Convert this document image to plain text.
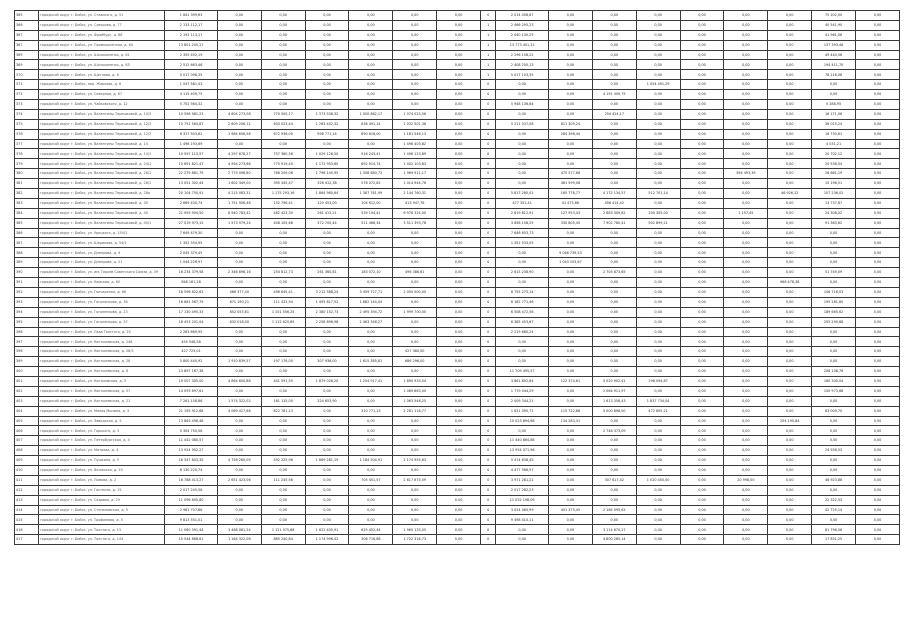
365	городской округ г. Бийск, ул. Ставского, д. 51	1 841 399,63	0,00	0,00	0,00	0,00	0,00	0,00	0	2 014 458,67	0,00	0,00	0,00	0,00	0,00	0,00	75 202,00	0,00
366	городской округ г. Бийск, ул. Суворова, д. 77	2 133 112,17	0,00	0,00	0,00	0,00	0,00	0,00	1	2 466 295,23	0,00	0,00	0,00	0,00	0,00	0,00	40 541,90	0,00
367	городской округ г. Бийск, ул. Фрайбург, д. 86	2 193 113,17	0,00	0,00	0,00	0,00	0,00	0,00	1	2 040 130,25	0,00	0,00	0,00	0,00	0,00	0,00	41 961,08	0,00
367	городской округ г. Бийск, ул. Промышленная, д. 64	13 801 205,17	0,00	0,00	0,00	0,00	0,00	0,00	1	13 773 401,31	0,00	0,00	0,00	0,00	0,00	0,00	137 393,46	0,00
369	городской округ г. Бийск, ул. Шолохоненко, д. 61	2 355 492,19	0,00	0,00	0,00	0,00	0,00	0,00	1	2 296 158,22	0,00	0,00	0,00	0,00	0,00	0,00	49 440,56	0,00
369	городской округ г. Бийск, ул. Шолохоненко, д. 63	2 512 663,46	0,00	0,00	0,00	0,00	0,00	0,00	1	2 408 250,13	0,00	0,00	0,00	0,00	0,00	0,00	194 411,70	0,00
370	городской округ г. Бийск, ул. Щеглова, д. 6	5 017 098,35	0,00	0,00	0,00	0,00	0,00	0,00	1	5 017 103,35	0,00	0,00	0,00	0,00	0,00	0,00	78 216,08	0,00
371	городской округ г. Бийск, пер. Жаркова, д. 6	1 047 581,43	0,00	0,00	0,00	0,00	0,00	0,00	0	0,00	0,00	0,00	1 054 491,29	0,00	0,00	0,00	0,00	0,00
372	городской округ г. Бийск, ул. Северная, д. 67	4 115 409,75	0,00	0,00	0,00	0,00	0,00	0,00	0	0,00	0,00	4 191 409,75	0,00	0,00	0,00	0,00	0,00	0,00
373	городской округ г. Бийск, ул. Чайковского, д. 12	5 752 564,32	0,00	0,00	0,00	0,00	0,00	0,00	0	5 948 136,64	0,00	0,00	0,00	0,00	0,00	0,00	5 288,95	0,00
374	городской округ г. Бийск, ул. Валентины Терешковой, д. 10/3	10 598 981,23	4 604 273,08	770 500,17	1 373 536,32	1 050 862,17	1 074 023,56	0,00	0	0,00	0,00	254 424,17	0,00	0,00	0,00	0,00	16 171,06	0,00
375	городской округ г. Бийск, ул. Валентины Терешковой, д. 12/3	10 751 564,87	2 609 206,11	633 023,44	1 263 442,32	836 491,14	1 032 501,36	0,00	0	5 211 037,08	811 309,24	0,00	0,00	0,00	0,00	0,00	36 015,24	0,00
376	городской округ г. Бийск, ул. Валентины Терешковой, д. 12/3	8 317 503,62	1 984 656,56	672 936,00	998 771,14	890 616,00	1 181 546,13	0,00	0	0,00	284 396,44	0,00	0,00	0,00	0,00	0,00	16 730,61	0,00
377	городской округ г. Бийск, ул. Валентины Терешковой, д. 14	1 496 193,69	0,00	0,00	0,00	0,00	1 496 403,82	0,00	0	0,00	0,00	0,00	0,00	0,00	0,00	0,00	4 031,21	0,00
378	городской округ г. Бийск, ул. Валентины Терешковой, д. 14/1	10 597 113,57	4 297 678,27	757 380,56	1 029 126,50	916 243,41	1 496 123,89	0,00	0	0,00	0,00	0,00	0,00	0,00	0,00	0,00	20 702,12	0,00
379	городской округ г. Бийск, ул. Валентины Терешковой, д. 24/1	10 691 821,47	4 954 273,66	775 919,40	1 172 953,60	692 914,74	1 402 103,83	0,00	0	0,00	0,00	0,00	0,00	0,00	0,00	0,00	20 536,04	0,00
380	городской округ г. Бийск, ул. Валентины Терешковой, д. 26/1	22 279 881,79	2 779 096,80	768 209,06	1 798 145,95	1 358 680,73	1 969 911,17	0,00	0	0,00	475 577,68	0,00	0,00	0,00	394 493,39	0,00	28 661,19	0,00
381	городской округ г. Бийск, ул. Валентины Терешковой, д. 28/1	13 051 302,44	1 602 349,00	395 345,47	326 412,38	578 072,82	1 014 944,76	0,00	0	0,00	461 599,08	0,00	0,00	0,00	0,00	0,00	15 196,51	0,00
382	городской округ г. Бийск, ул. Валентины Терешковой, д. 28а	20 104 750,91	4 215 083,31	1 175 293,16	1 864 980,64	1 387 761,99	2 144 760,31	0,00	0	5 817 280,01	165 778,77	4 172 134,57	512 701,14	0,00	0,00	46 926,12	107 236,02	0,00
383	городской округ г. Бийск, ул. Валентины Терешковой, д. 30	2 669 430,74	1 751 906,48	152 796,41	120 453,00	104 612,00	413 947,78	0,00	0	477 352,41	41 475,66	456 414,42	0,00	0,00	0,00	0,00	13 737,87	0,00
384	городской округ г. Бийск, ул. Валентины Терешковой, д. 40	21 959 904,50	6 940 783,42	482 423,30	261 413,21	539 194,41	6 976 324,00	0,00	0	2 619 812,91	127 953,43	2 883 309,82	200 305,00	0,00	1 157,45	0,00	24 308,02	0,00
385	городской округ г. Бийск, ул. Валентины Терешковой, д. 40/1	27 019 973,15	1 573 979,24	408 105,66	372 700,44	511 466,34	3 511 393,78	0,00	0	3 658 158,25	330 805,45	7 902 780,41	502 899,21	0,00	0,00	0,00	91 363,62	0,00
386	городской округ г. Бийск, ул. Урицкого, д. 154/1	7 649 479,30	0,00	0,00	0,00	0,00	0,00	0,00	0	7 646 653,73	0,00	0,00	0,00	0,00	0,00	0,00	0,00	0,00
387	городской округ г. Бийск, ул. Шарикова, д. 54/1	1 352 554,95	0,00	0,00	0,00	0,00	0,00	0,00	0	1 352 533,05	0,00	0,00	0,00	0,00	0,00	0,00	0,00	0,00
388	городской округ г. Бийск, ул. Днепрова, д. 4	2 045 379,45	0,00	0,00	0,00	0,00	0,00	0,00	0	0,00	9 046 739,53	0,00	0,00	0,00	0,00	0,00	0,00	0,00
389	городской округ г. Бийск, ул. Днепрова, д. 21	1 044 226,97	0,00	0,00	0,00	0,00	0,00	0,00	0	0,00	1 043 103,67	0,00	0,00	0,00	0,00	0,00	0,00	0,00
390	городской округ г. Бийск, ул. им. Героев Советского Союза, д. 39	16 234 379,58	2 346 896,16	254 812,73	261 360,81	183 072,10	496 386,61	0,00	0	2 615 238,90	0,00	2 705 873,65	0,00	0,00	0,00	0,00	51 749,09	0,00
391	городской округ г. Бийск, ул. Камская, д. 60	648 161,28	0,00	0,00	0,00	0,00	0,00	0,00	0	0,00	0,00	0,00	0,00	0,00	0,00	968 478,38	0,00	0,00
392	городской округ г. Бийск, ул. Гончаренко, д. 66	18 596 622,63	466 377,40	496 845,41	3 212 588,24	3 459 727,71	2 050 000,00	0,00	0	8 755 275,14	0,00	0,00	0,00	0,00	0,00	0,00	106 716,03	0,00
393	городской округ г. Бийск, ул. Гоголенкова, д. 36	16 681 567,79	871 190,21	111 433,94	1 495 817,52	1 882 144,04	0,00	0,00	0	6 162 771,46	0,00	0,00	0,00	0,00	0,00	0,00	195 281,60	0,00
394	городской округ г. Бийск, ул. Гоголенкова, д. 23	17 130 495,33	852 055,61	1 151 556,25	2 380 152,73	2 495 394,72	1 999 700,00	0,00	0	6 508 472,56	0,00	0,00	0,00	0,00	0,00	0,00	189 665,62	0,00
395	городской округ г. Бийск, ул. Гоголенкова, д. 37	18 453 201,04	632 018,00	1 115 625,69	2 258 896,98	2 463 346,27	0,00	0,00	0	6 385 453,67	0,00	0,00	0,00	0,00	0,00	0,00	205 290,88	0,00
396	городской округ г. Бийск, ул. Льва Толстого, д. 25	2 263 669,95	0,00	0,00	0,00	0,00	0,00	0,00	0	2 219 660,24	0,00	0,00	0,00	0,00	0,00	0,00	0,00	0,00
397	городской округ г. Бийск, ул. Кастылевская, д. 248	455 548,58	0,00	0,00	0,00	0,00	0,00	0,00	0	0,00	0,00	0,00	0,00	0,00	0,00	0,00	0,00	0,00
398	городской округ г. Бийск, ул. Кастылевская, д. 26/3	427 725,01	0,00	0,00	0,00	0,00	427 380,00	0,00	0	0,00	0,00	0,00	0,00	0,00	0,00	0,00	0,00	0,00
399	городской округ г. Бийск, ул. Кастылевская, д. 26	5 800 440,92	1 910 839,57	197 178,00	307 938,00	1 615 385,81	686 296,00	0,00	0	0,00	0,00	0,00	0,00	0,00	0,00	0,00	0,00	0,00
400	городской округ г. Бийск, ул. Кастылевская, д. 8	13 897 167,38	0,00	0,00	0,00	0,00	0,00	0,00	0	11 709 495,57	0,00	0,00	0,00	0,00	0,00	0,00	208 108,76	0,00
401	городской округ г. Бийск, ул. Костромская, д. 3	19 007 305,00	4 864 600,88	441 591,55	1 879 026,20	1 204 917,41	1 890 933,54	0,00	0	3 861 892,84	122 374,61	5 020 902,41	298 094,67	0,00	0,00	0,00	180 300,04	0,00
402	городской округ г. Бийск, ул. Кастылевская, д. 57	14 093 697,61	0,00	0,00	0,00	0,00	1 089 663,00	0,00	0	1 779 044,29	0,00	2 064 911,97	0,00	0,00	0,00	0,00	150 973,68	0,00
403	городской округ г. Бийск, ул. Кастылевская, д. 21	7 261 158,86	1 574 322,02	161 115,00	324 653,90	0,00	1 063 548,25	0,00	0	2 009 344,21	0,00	1 613 358,43	1 837 734,04	0,00	0,00	0,00	0,00	0,00
404	городской округ г. Бийск, ул. Малая Мызина, д. 3	21 195 912,68	4 069 417,66	622 781,13	0,00	310 771,13	2 281 118,77	0,00	0	1 631 090,71	115 722,66	5 000 898,00	472 805,21	0,00	0,00	0,00	83 009,70	0,00
405	городской округ г. Бийск, ул. Заводская, д. 5	13 863 498,48	0,00	0,00	0,00	0,00	0,00	0,00	0	10 023 894,68	134 283,41	0,00	0,00	0,00	0,00	254 195,84	0,00	0,00
406	городской округ г. Бийск, ул. Горького, д. 3	5 304 750,56	0,00	0,00	0,00	0,00	0,00	0,00	0	0,00	0,00	2 748 373,09	0,00	0,00	0,00	0,00	0,00	0,00
407	городской округ г. Бийск, ул. Петербургская, д. 4	11 442 080,57	0,00	0,00	0,00	0,00	0,00	0,00	0	11 440 864,88	0,00	0,00	0,00	0,00	0,00	0,00	0,00	0,00
408	городской округ г. Бийск, ул. Митрова, д. 4	13 924 952,27	0,00	0,00	0,00	0,00	0,00	0,00	0	13 954 071,96	0,00	0,00	0,00	0,00	0,00	0,00	24 558,53	0,00
409	городской округ г. Бийск, ул. Пушкина, д. 5	16 347 803,35	4 758 260,09	492 225,96	1 669 281,19	1 184 504,91	2 174 955,63	0,00	0	5 474 638,45	0,00	0,00	0,00	0,00	0,00	0,00	0,00	0,00
410	городской округ г. Бийск, ул. Волжская, д. 19	8 130 220,74	0,00	0,00	0,00	0,00	0,00	0,00	0	4 477 586,57	0,00	0,00	0,00	0,00	0,00	0,00	0,00	0,00
411	городской округ г. Бийск, ул. Ломова, д. 2	16 788 413,27	2 651 423,06	111 245,56	0,00	705 451,57	2 617 675,59	0,00	0	3 971 281,22	0,00	307 617,42	1 020 450,00	0,00	20 998,00	0,00	46 923,88	0,00
412	городской округ г. Бийск, ул. Гастелло, д. 15	2 017 245,58	0,00	0,00	0,00	0,00	0,00	0,00	0	2 017 282,23	0,00	0,00	0,00	0,00	0,00	0,00	0,00	0,00
413	городской округ г. Бийск, ул. Садовая, д. 25	11 096 605,80	0,00	0,00	0,00	0,00	0,00	0,00	0	11 032 198,09	0,00	0,00	0,00	0,00	0,00	0,00	22 322,53	0,00
414	городской округ г. Бийск, ул. Степановская, д. 5	2 961 707,86	0,00	0,00	0,00	0,00	0,00	0,00	0	3 024 065,99	401 375,45	2 164 095,62	0,00	0,00	0,00	0,00	42 725,14	0,00
415	городской округ г. Бийск, ул. Трофимова, д. 5	9 813 551,01	0,00	0,00	0,00	0,00	0,00	0,00	0	9 498 410,11	0,00	0,00	0,00	0,00	0,00	0,00	0,00	0,00
416	городской округ г. Бийск, ул. Толстого, д. 13	11 080 391,44	3 468 081,24	1 121 975,68	1 622 405,91	625 452,44	1 965 133,05	0,00	0	0,00	0,00	3 114 670,27	0,00	0,00	0,00	0,00	81 796,56	0,00
417	городской округ г. Бийск, ул. Толстого, д. 144	15 544 868,61	1 164 322,06	885 240,84	1 174 996,42	306 716,86	1 722 316,73	0,00	0	0,00	0,00	4 800 265,14	0,00	0,00	0,00	0,00	17 831,25	0,00
